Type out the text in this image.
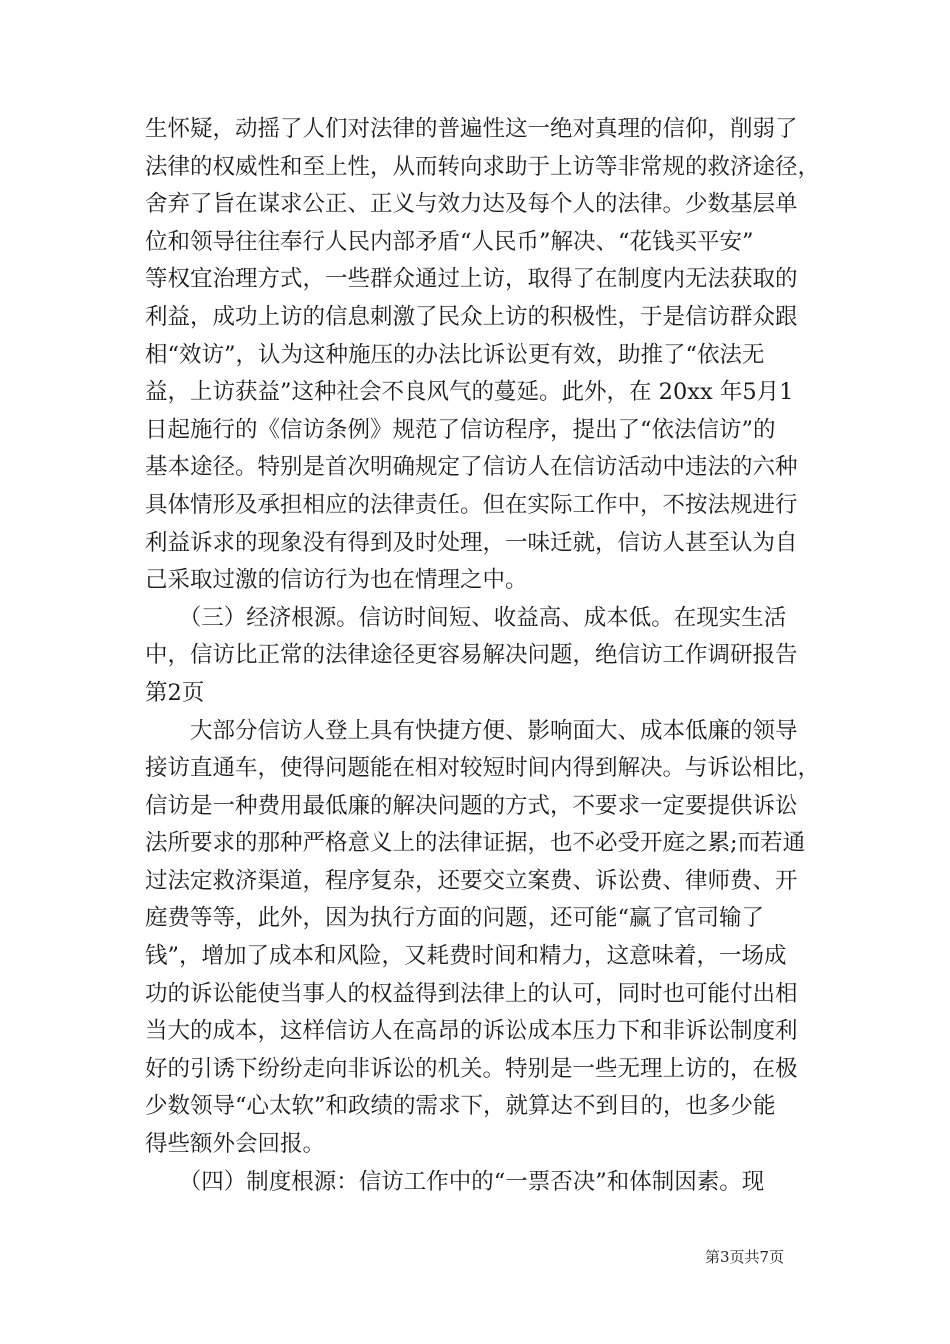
生怀疑，动摇了人们对法律的普遍性这一绝对真理的信仰，削弱了
法律的权威性和至上性，从而转向求助于上访等非常规的救济途径，
舍弃了旨在谋求公正、正义与效力达及每个人的法律。少数基层单
位和领导往往奉行人民内部矛盾“人民币”解决、“花钱买平安”
等权宜治理方式，一些群众通过上访，取得了在制度内无法获取的
利益，成功上访的信息刺激了民众上访的积极性，于是信访群众跟
相“效访”，认为这种施压的办法比诉讼更有效，助推了“依法无
益，上访获益”这种社会不良风气的蔓延。此外，在 20xx 年5月1
日起施行的《信访条例》规范了信访程序，提出了“依法信访”的
基本途径。特别是首次明确规定了信访人在信访活动中违法的六种
具体情形及承担相应的法律责任。但在实际工作中，不按法规进行
利益诉求的现象没有得到及时处理，一味迁就，信访人甚至认为自
己采取过激的信访行为也在情理之中。
　　（三）经济根源。信访时间短、收益高、成本低。在现实生活
中，信访比正常的法律途径更容易解决问题，绝信访工作调研报告
第2页
　　大部分信访人登上具有快捷方便、影响面大、成本低廉的领导
接访直通车，使得问题能在相对较短时间内得到解决。与诉讼相比，
信访是一种费用最低廉的解决问题的方式，不要求一定要提供诉讼
法所要求的那种严格意义上的法律证据，也不必受开庭之累;而若通
过法定救济渠道，程序复杂，还要交立案费、诉讼费、律师费、开
庭费等等，此外，因为执行方面的问题，还可能“赢了官司输了
钱”，增加了成本和风险，又耗费时间和精力，这意味着，一场成
功的诉讼能使当事人的权益得到法律上的认可，同时也可能付出相
当大的成本，这样信访人在高昂的诉讼成本压力下和非诉讼制度利
好的引诱下纷纷走向非诉讼的机关。特别是一些无理上访的，在极
少数领导“心太软”和政绩的需求下，就算达不到目的，也多少能
得些额外会回报。
　　（四）制度根源：信访工作中的“一票否决”和体制因素。现
第3页共7页
